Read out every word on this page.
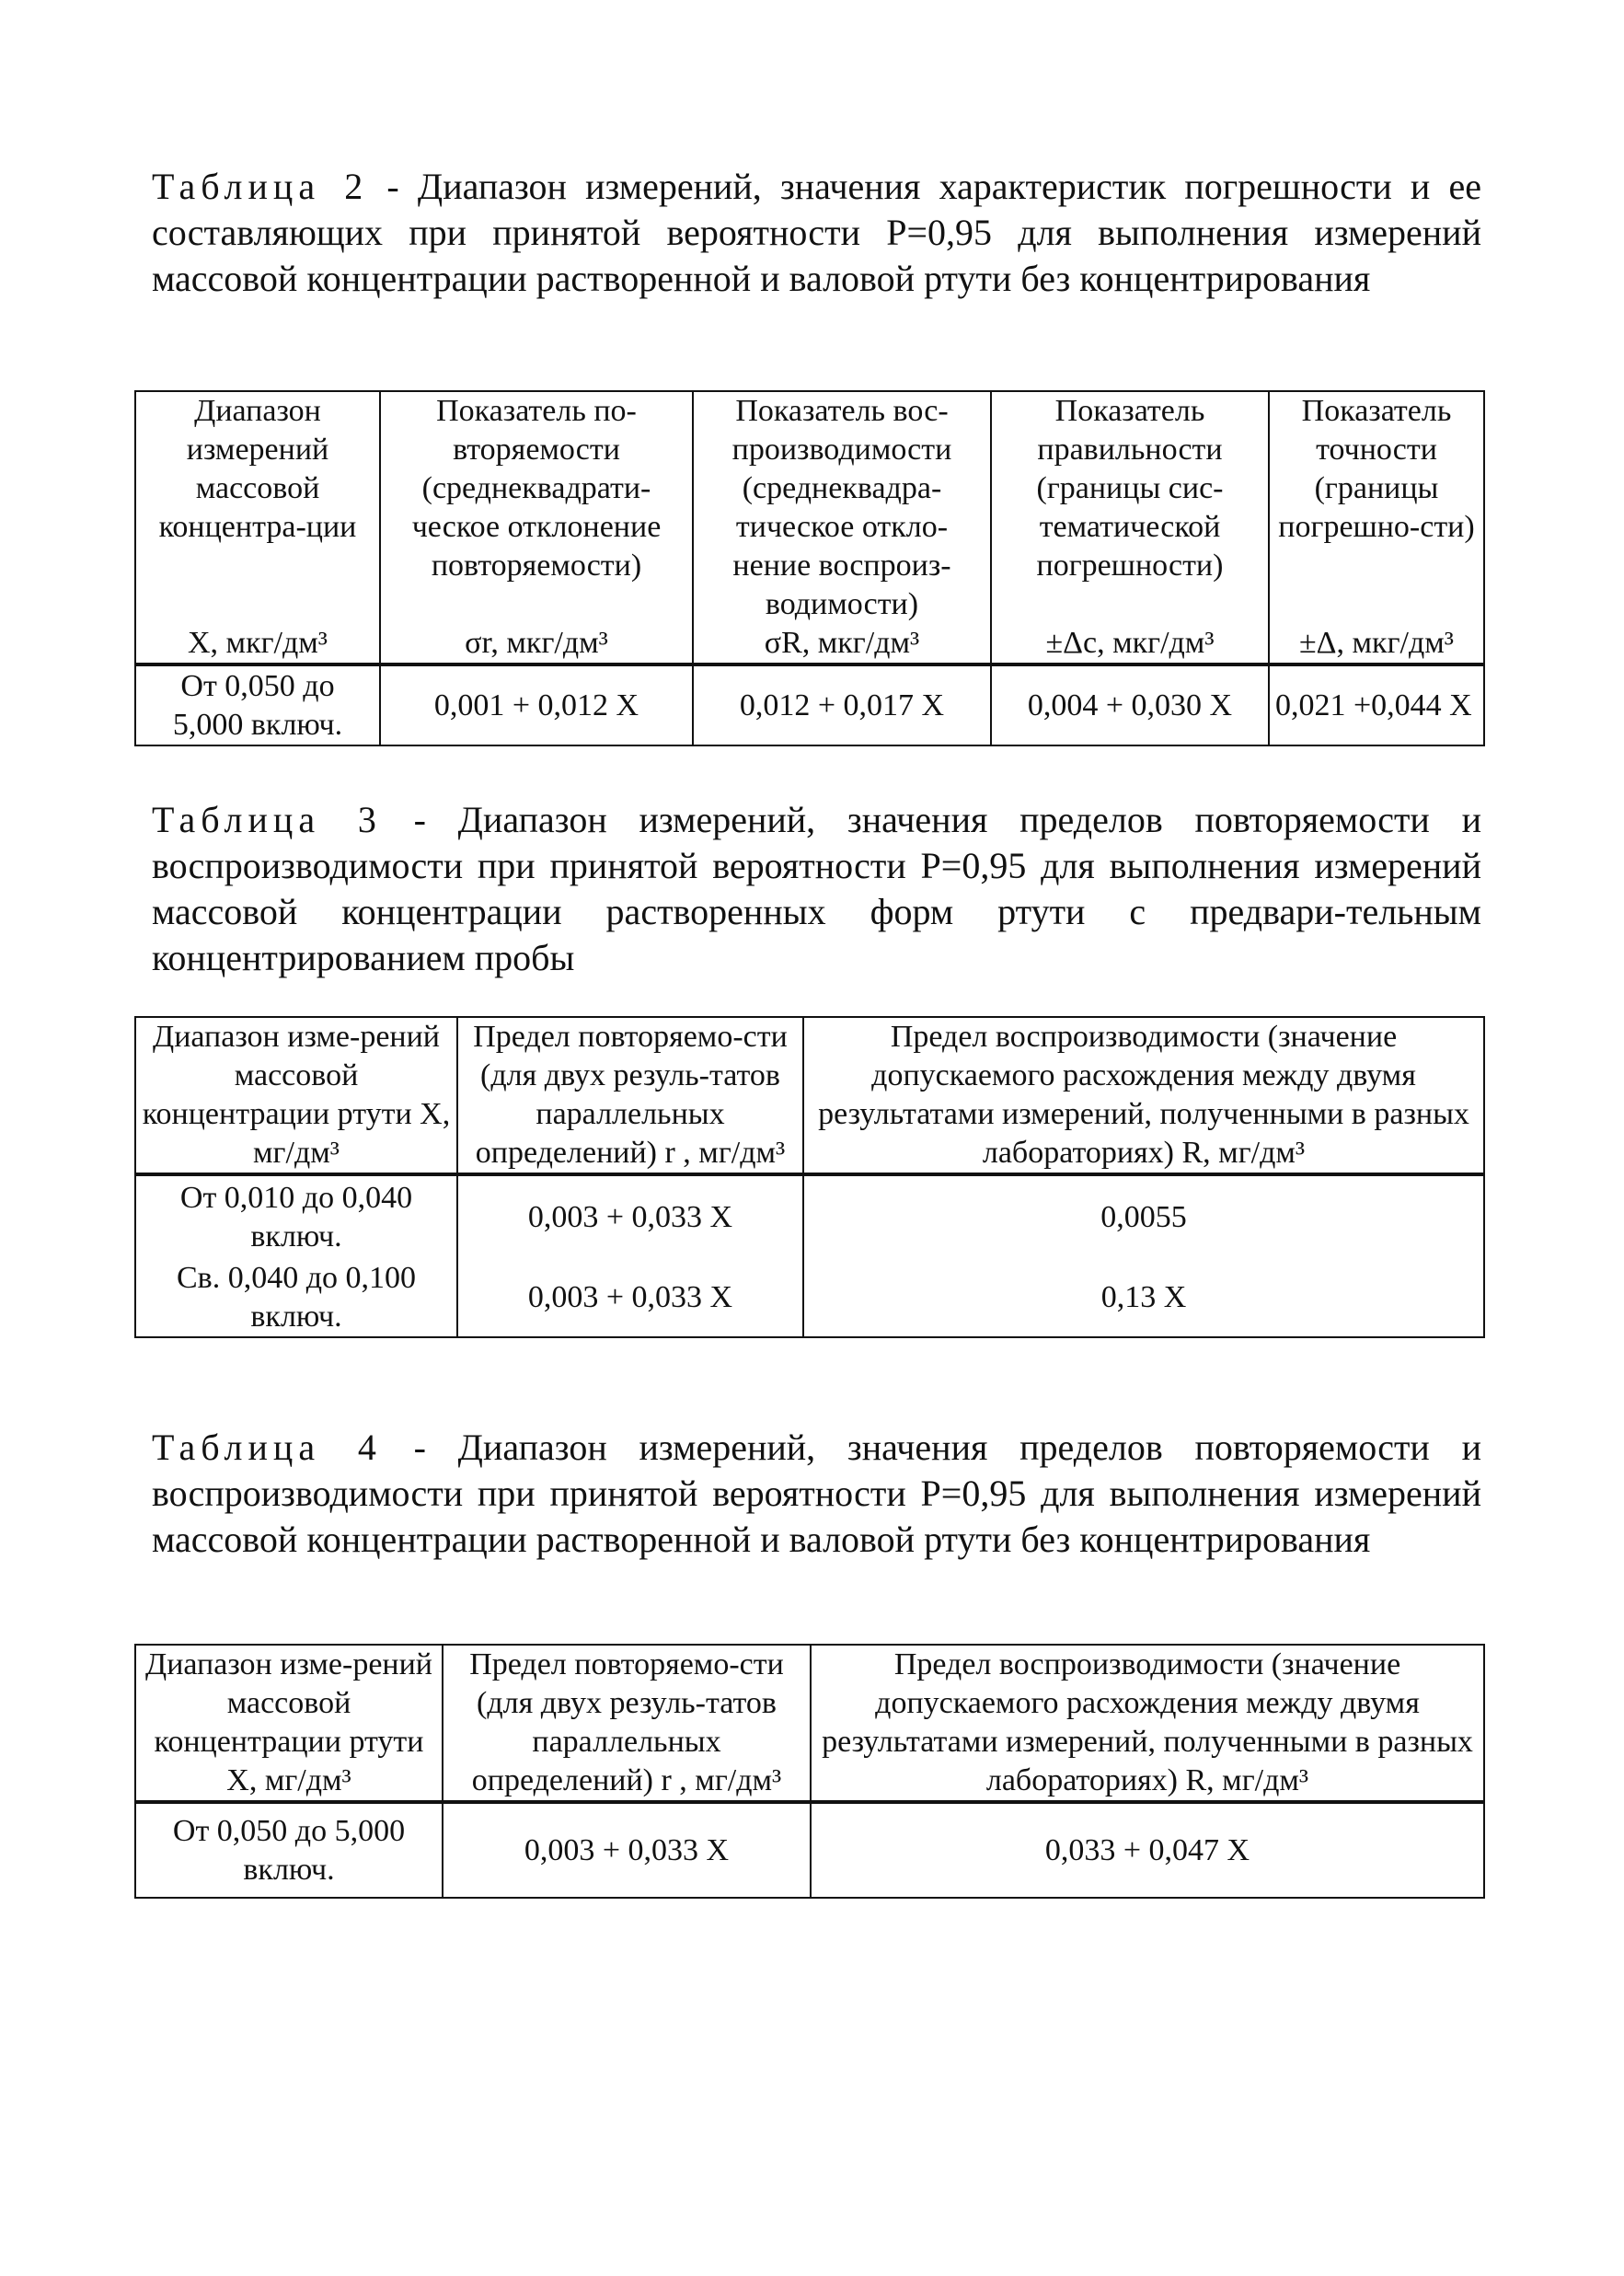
Таблица 2 - Диапазон измерений, значения характеристик погрешности и ее составляющих при принятой вероятности Р=0,95 для выполнения измерений массовой концентрации растворенной и валовой ртути без концентрирования

Диапазон измерений массовой концентра-ции	Показатель по-вторяемости (среднеквадрати-ческое отклонение повторяемости)	Показатель вос-производимости (среднеквадра-тическое откло-нение воспроиз-водимости)	Показатель правильности (границы сис-тематической погрешности)	Показатель точности (границы погрешно-сти)
X, мкг/дм³	σr, мкг/дм³	σR, мкг/дм³	±Δc, мкг/дм³	±Δ, мкг/дм³
От 0,050 до 5,000 включ.	0,001 + 0,012 X	0,012 + 0,017 X	0,004 + 0,030 X	0,021 +0,044 X

Таблица 3 - Диапазон измерений, значения пределов повторяемости и воспроизводимости при принятой вероятности Р=0,95 для выполнения измерений массовой концентрации растворенных форм ртути с предвари-тельным концентрированием пробы

Диапазон изме-рений массовой концентрации ртути X, мг/дм³	Предел повторяемо-сти (для двух резуль-татов параллельных определений) r , мг/дм³	Предел воспроизводимости (значение допускаемого расхождения между двумя результатами измерений, полученными в разных лабораториях) R, мг/дм³
От 0,010 до 0,040 включ.	0,003 + 0,033 X	0,0055
Св. 0,040 до 0,100 включ.	0,003 + 0,033 X	0,13 X

Таблица 4 - Диапазон измерений, значения пределов повторяемости и воспроизводимости при принятой вероятности Р=0,95 для выполнения измерений массовой концентрации растворенной и валовой ртути без концентрирования

Диапазон изме-рений массовой концентрации ртути X, мг/дм³	Предел повторяемо-сти (для двух резуль-татов параллельных определений) r , мг/дм³	Предел воспроизводимости (значение допускаемого расхождения между двумя результатами измерений, полученными в разных лабораториях) R, мг/дм³
От 0,050 до 5,000 включ.	0,003 + 0,033 X	0,033 + 0,047 X
